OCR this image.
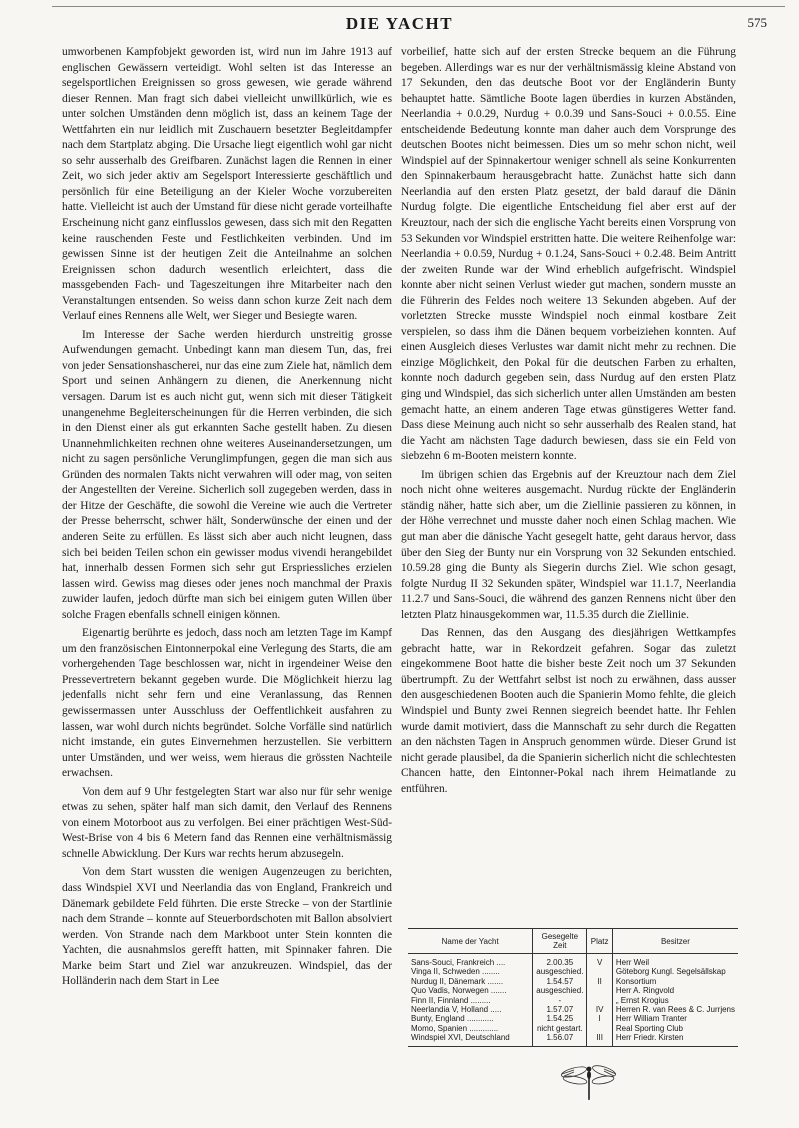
DIE YACHT	575

umworbenen Kampfobjekt geworden ist, wird nun im Jahre 1913 auf englischen Gewässern verteidigt. Wohl selten ist das Interesse an segelsportlichen Ereignissen so gross gewesen, wie gerade während dieser Rennen. Man fragt sich dabei vielleicht unwillkürlich, wie es unter solchen Umständen denn möglich ist, dass an keinem Tage der Wettfahrten ein nur leidlich mit Zuschauern besetzter Begleitdampfer nach dem Startplatz abging. Die Ursache liegt eigentlich wohl gar nicht so sehr ausserhalb des Greifbaren. Zunächst lagen die Rennen in einer Zeit, wo sich jeder aktiv am Segelsport Interessierte geschäftlich und persönlich für eine Beteiligung an der Kieler Woche vorzubereiten hatte. Vielleicht ist auch der Umstand für diese nicht gerade vorteilhafte Erscheinung nicht ganz einflusslos gewesen, dass sich mit den Regatten keine rauschenden Feste und Festlichkeiten verbinden. Und im gewissen Sinne ist der heutigen Zeit die Anteilnahme an solchen Ereignissen schon dadurch wesentlich erleichtert, dass die massgebenden Fach- und Tageszeitungen ihre Mitarbeiter nach den Veranstaltungen entsenden. So weiss dann schon kurze Zeit nach dem Verlauf eines Rennens alle Welt, wer Sieger und Besiegte waren.

Im Interesse der Sache werden hierdurch unstreitig grosse Aufwendungen gemacht. Unbedingt kann man diesem Tun, das, frei von jeder Sensationshascherei, nur das eine zum Ziele hat, nämlich dem Sport und seinen Anhängern zu dienen, die Anerkennung nicht versagen. Darum ist es auch nicht gut, wenn sich mit dieser Tätigkeit unangenehme Begleiterscheinungen für die Herren verbinden, die sich in den Dienst einer als gut erkannten Sache gestellt haben. Zu diesen Unannehmlichkeiten rechnen ohne weiteres Auseinandersetzungen, um nicht zu sagen persönliche Verunglimpfungen, gegen die man sich aus Gründen des normalen Takts nicht verwahren will oder mag, von seiten der Angestellten der Vereine. Sicherlich soll zugegeben werden, dass in der Hitze der Geschäfte, die sowohl die Vereine wie auch die Vertreter der Presse beherrscht, schwer hält, Sonderwünsche der einen und der anderen Seite zu erfüllen. Es lässt sich aber auch nicht leugnen, dass sich bei beiden Teilen schon ein gewisser modus vivendi herangebildet hat, innerhalb dessen Formen sich sehr gut Erspriessliches erzielen lassen wird. Gewiss mag dieses oder jenes noch manchmal der Praxis zuwider laufen, jedoch dürfte man sich bei einigem guten Willen über solche Fragen ebenfalls schnell einigen können.

Eigenartig berührte es jedoch, dass noch am letzten Tage im Kampf um den französischen Eintonnerpokal eine Verlegung des Starts, die am vorhergehenden Tage beschlossen war, nicht in irgendeiner Weise den Pressevertretern bekannt gegeben wurde. Die Möglichkeit hierzu lag jedenfalls nicht sehr fern und eine Veranlassung, das Rennen gewissermassen unter Ausschluss der Oeffentlichkeit ausfahren zu lassen, war wohl durch nichts begründet. Solche Vorfälle sind natürlich nicht imstande, ein gutes Einvernehmen herzustellen. Sie verbittern unter Umständen, und wer weiss, wem hieraus die grössten Nachteile erwachsen.

Von dem auf 9 Uhr festgelegten Start war also nur für sehr wenige etwas zu sehen, später half man sich damit, den Verlauf des Rennens von einem Motorboot aus zu verfolgen. Bei einer prächtigen West-Süd-West-Brise von 4 bis 6 Metern fand das Rennen eine verhältnismässig schnelle Abwicklung. Der Kurs war rechts herum abzusegeln.

Von dem Start wussten die wenigen Augenzeugen zu berichten, dass Windspiel XVI und Neerlandia das von England, Frankreich und Dänemark gebildete Feld führten. Die erste Strecke – von der Startlinie nach dem Strande – konnte auf Steuerbordschoten mit Ballon absolviert werden. Von Strande nach dem Markboot unter Stein konnten die Yachten, die ausnahmslos gerefft hatten, mit Spinnaker fahren. Die Marke beim Start und Ziel war anzukreuzen. Windspiel, das der Holländerin nach dem Start in Lee

vorbeilief, hatte sich auf der ersten Strecke bequem an die Führung begeben. Allerdings war es nur der verhältnismässig kleine Abstand von 17 Sekunden, den das deutsche Boot vor der Engländerin Bunty behauptet hatte. Sämtliche Boote lagen überdies in kurzen Abständen, Neerlandia + 0.0.29, Nurdug + 0.0.39 und Sans-Souci + 0.0.55. Eine entscheidende Bedeutung konnte man daher auch dem Vorsprunge des deutschen Bootes nicht beimessen. Dies um so mehr schon nicht, weil Windspiel auf der Spinnakertour weniger schnell als seine Konkurrenten den Spinnakerbaum herausgebracht hatte. Zunächst hatte sich dann Neerlandia auf den ersten Platz gesetzt, der bald darauf die Dänin Nurdug folgte. Die eigentliche Entscheidung fiel aber erst auf der Kreuztour, nach der sich die englische Yacht bereits einen Vorsprung von 53 Sekunden vor Windspiel erstritten hatte. Die weitere Reihenfolge war: Neerlandia + 0.0.59, Nurdug + 0.1.24, Sans-Souci + 0.2.48. Beim Antritt der zweiten Runde war der Wind erheblich aufgefrischt. Windspiel konnte aber nicht seinen Verlust wieder gut machen, sondern musste an die Führerin des Feldes noch weitere 13 Sekunden abgeben. Auf der vorletzten Strecke musste Windspiel noch einmal kostbare Zeit verspielen, so dass ihm die Dänen bequem vorbeiziehen konnten. Auf einen Ausgleich dieses Verlustes war damit nicht mehr zu rechnen. Die einzige Möglichkeit, den Pokal für die deutschen Farben zu erhalten, konnte noch dadurch gegeben sein, dass Nurdug auf den ersten Platz ging und Windspiel, das sich sicherlich unter allen Umständen am besten gemacht hatte, an einem anderen Tage etwas günstigeres Wetter fand. Dass diese Meinung auch nicht so sehr ausserhalb des Realen stand, hat die Yacht am nächsten Tage dadurch bewiesen, dass sie ein Feld von siebzehn 6 m-Booten meistern konnte.

Im übrigen schien das Ergebnis auf der Kreuztour nach dem Ziel noch nicht ohne weiteres ausgemacht. Nurdug rückte der Engländerin ständig näher, hatte sich aber, um die Ziellinie passieren zu können, in der Höhe verrechnet und musste daher noch einen Schlag machen. Wie gut man aber die dänische Yacht gesegelt hatte, geht daraus hervor, dass über den Sieg der Bunty nur ein Vorsprung von 32 Sekunden entschied. 10.59.28 ging die Bunty als Siegerin durchs Ziel. Wie schon gesagt, folgte Nurdug II 32 Sekunden später, Windspiel war 11.1.7, Neerlandia 11.2.7 und Sans-Souci, die während des ganzen Rennens nicht über den letzten Platz hinausgekommen war, 11.5.35 durch die Ziellinie.

Das Rennen, das den Ausgang des diesjährigen Wettkampfes gebracht hatte, war in Rekordzeit gefahren. Sogar das zuletzt eingekommene Boot hatte die bisher beste Zeit noch um 37 Sekunden übertrumpft. Zu der Wettfahrt selbst ist noch zu erwähnen, dass ausser den ausgeschiedenen Booten auch die Spanierin Momo fehlte, die gleich Windspiel und Bunty zwei Rennen siegreich beendet hatte. Ihr Fehlen wurde damit motiviert, dass die Mannschaft zu sehr durch die Regatten an den nächsten Tagen in Anspruch genommen würde. Dieser Grund ist nicht gerade plausibel, da die Spanierin sicherlich nicht die schlechtesten Chancen hatte, den Eintonner-Pokal nach ihrem Heimatlande zu entführen.

Name der Yacht	Gesegelte Zeit	Platz	Besitzer
Sans-Souci, Frankreich ....	2.00.35	V	Herr Weil
Vinga II, Schweden ........	ausgeschied.		Göteborg Kungl. Segelsällskap
Nurdug II, Dänemark .......	1.54.57	II	Konsortium
Quo Vadis, Norwegen .......	ausgeschied.		Herr A. Ringvold
Finn II, Finnland .........	-		„ Ernst Krogius
Neerlandia V, Holland .....	1.57.07	IV	Herren R. van Rees & C. Jurrjens
Bunty, England ............	1.54.25	I	Herr William Tranter
Momo, Spanien .............	nicht gestart.		Real Sporting Club
Windspiel XVI, Deutschland	1.56.07	III	Herr Friedr. Kirsten
